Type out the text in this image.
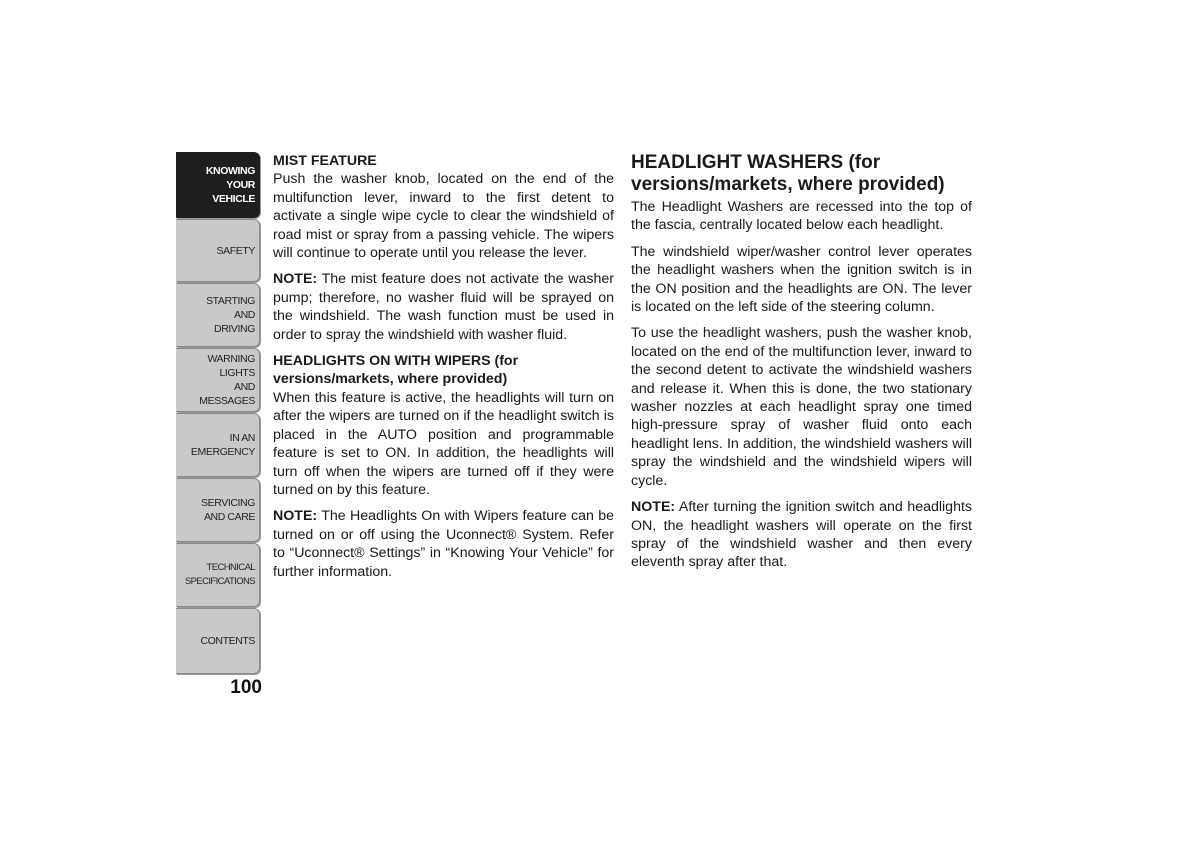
KNOWING
YOUR
VEHICLE
SAFETY
STARTING
AND
DRIVING
WARNING
LIGHTS
AND
MESSAGES
IN AN
EMERGENCY
SERVICING
AND CARE
TECHNICAL
SPECIFICATIONS
CONTENTS
100
MIST FEATURE

Push the washer knob, located on the end of the multifunction lever, inward to the first detent to activate a single wipe cycle to clear the windshield of road mist or spray from a passing vehicle. The wipers will continue to operate until you release the lever.

NOTE: The mist feature does not activate the washer pump; therefore, no washer fluid will be sprayed on the windshield. The wash function must be used in order to spray the windshield with washer fluid.

HEADLIGHTS ON WITH WIPERS (for
versions/markets, where provided)

When this feature is active, the headlights will turn on after the wipers are turned on if the headlight switch is placed in the AUTO position and programmable feature is set to ON. In addition, the headlights will turn off when the wipers are turned off if they were turned on by this feature.

NOTE: The Headlights On with Wipers feature can be turned on or off using the Uconnect® System. Refer to “Uconnect® Settings” in “Knowing Your Vehicle” for further information.

HEADLIGHT WASHERS (for versions/markets, where provided)

The Headlight Washers are recessed into the top of the fascia, centrally located below each headlight.

The windshield wiper/washer control lever operates the headlight washers when the ignition switch is in the ON position and the headlights are ON. The lever is located on the left side of the steering column.

To use the headlight washers, push the washer knob, located on the end of the multifunction lever, inward to the second detent to activate the windshield washers and release it. When this is done, the two stationary washer nozzles at each headlight spray one timed high-pressure spray of washer fluid onto each headlight lens. In addition, the windshield washers will spray the windshield and the windshield wipers will cycle.

NOTE: After turning the ignition switch and headlights ON, the headlight washers will operate on the first spray of the windshield washer and then every eleventh spray after that.
